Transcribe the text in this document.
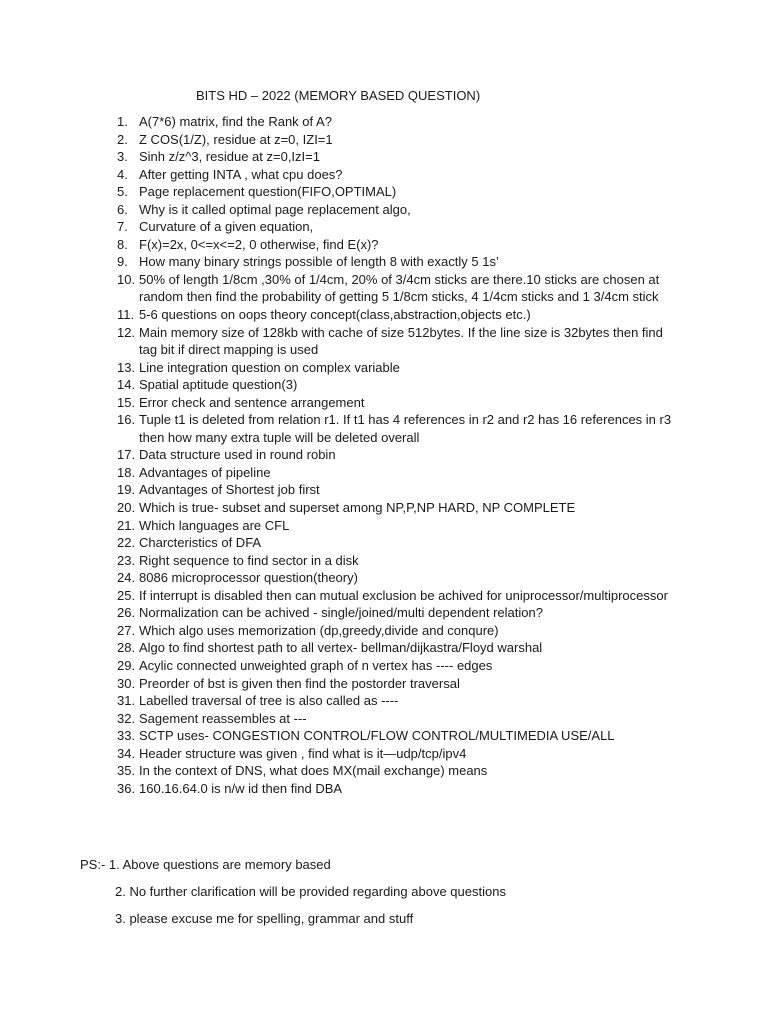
BITS HD – 2022 (MEMORY BASED QUESTION)
1. A(7*6) matrix, find the Rank of A?
2. Z COS(1/Z), residue at z=0, IZI=1
3. Sinh z/z^3, residue at z=0,IzI=1
4. After getting INTA , what cpu does?
5. Page replacement question(FIFO,OPTIMAL)
6. Why is it called optimal page replacement algo,
7. Curvature of a given equation,
8. F(x)=2x, 0<=x<=2, 0 otherwise, find E(x)?
9. How many binary strings possible of length 8 with exactly 5 1s’
10. 50% of length 1/8cm ,30% of 1/4cm, 20% of 3/4cm sticks are there.10 sticks are chosen at random then find the probability of getting 5 1/8cm sticks, 4 1/4cm sticks and 1 3/4cm stick
11. 5-6 questions on oops theory concept(class,abstraction,objects etc.)
12. Main memory size of 128kb with cache of size 512bytes. If the line size is 32bytes then find tag bit if direct mapping is used
13. Line integration question on complex variable
14. Spatial aptitude question(3)
15. Error check and sentence arrangement
16. Tuple t1 is deleted from relation r1. If t1 has 4 references in r2 and r2 has 16 references in r3 then how many extra tuple will be deleted overall
17. Data structure used in round robin
18. Advantages of pipeline
19. Advantages of Shortest job first
20. Which is true- subset and superset among NP,P,NP HARD, NP COMPLETE
21. Which languages are CFL
22. Charcteristics of DFA
23. Right sequence to find sector in a disk
24. 8086 microprocessor question(theory)
25. If interrupt is disabled then can mutual exclusion be achived for uniprocessor/multiprocessor
26. Normalization can be achived - single/joined/multi dependent relation?
27. Which algo uses memorization (dp,greedy,divide and conqure)
28. Algo to find shortest path to all vertex- bellman/dijkastra/Floyd warshal
29. Acylic connected unweighted graph of n vertex has ---- edges
30. Preorder of bst is given then find the postorder traversal
31. Labelled traversal of tree is also called as ----
32. Sagement reassembles at ---
33. SCTP uses- CONGESTION CONTROL/FLOW CONTROL/MULTIMEDIA USE/ALL
34. Header structure was given , find what is it—udp/tcp/ipv4
35. In the context of DNS, what does MX(mail exchange) means
36. 160.16.64.0 is n/w id then find DBA
PS:- 1. Above questions are memory based
2. No further clarification will be provided regarding above questions
3. please excuse me for spelling, grammar and stuff
